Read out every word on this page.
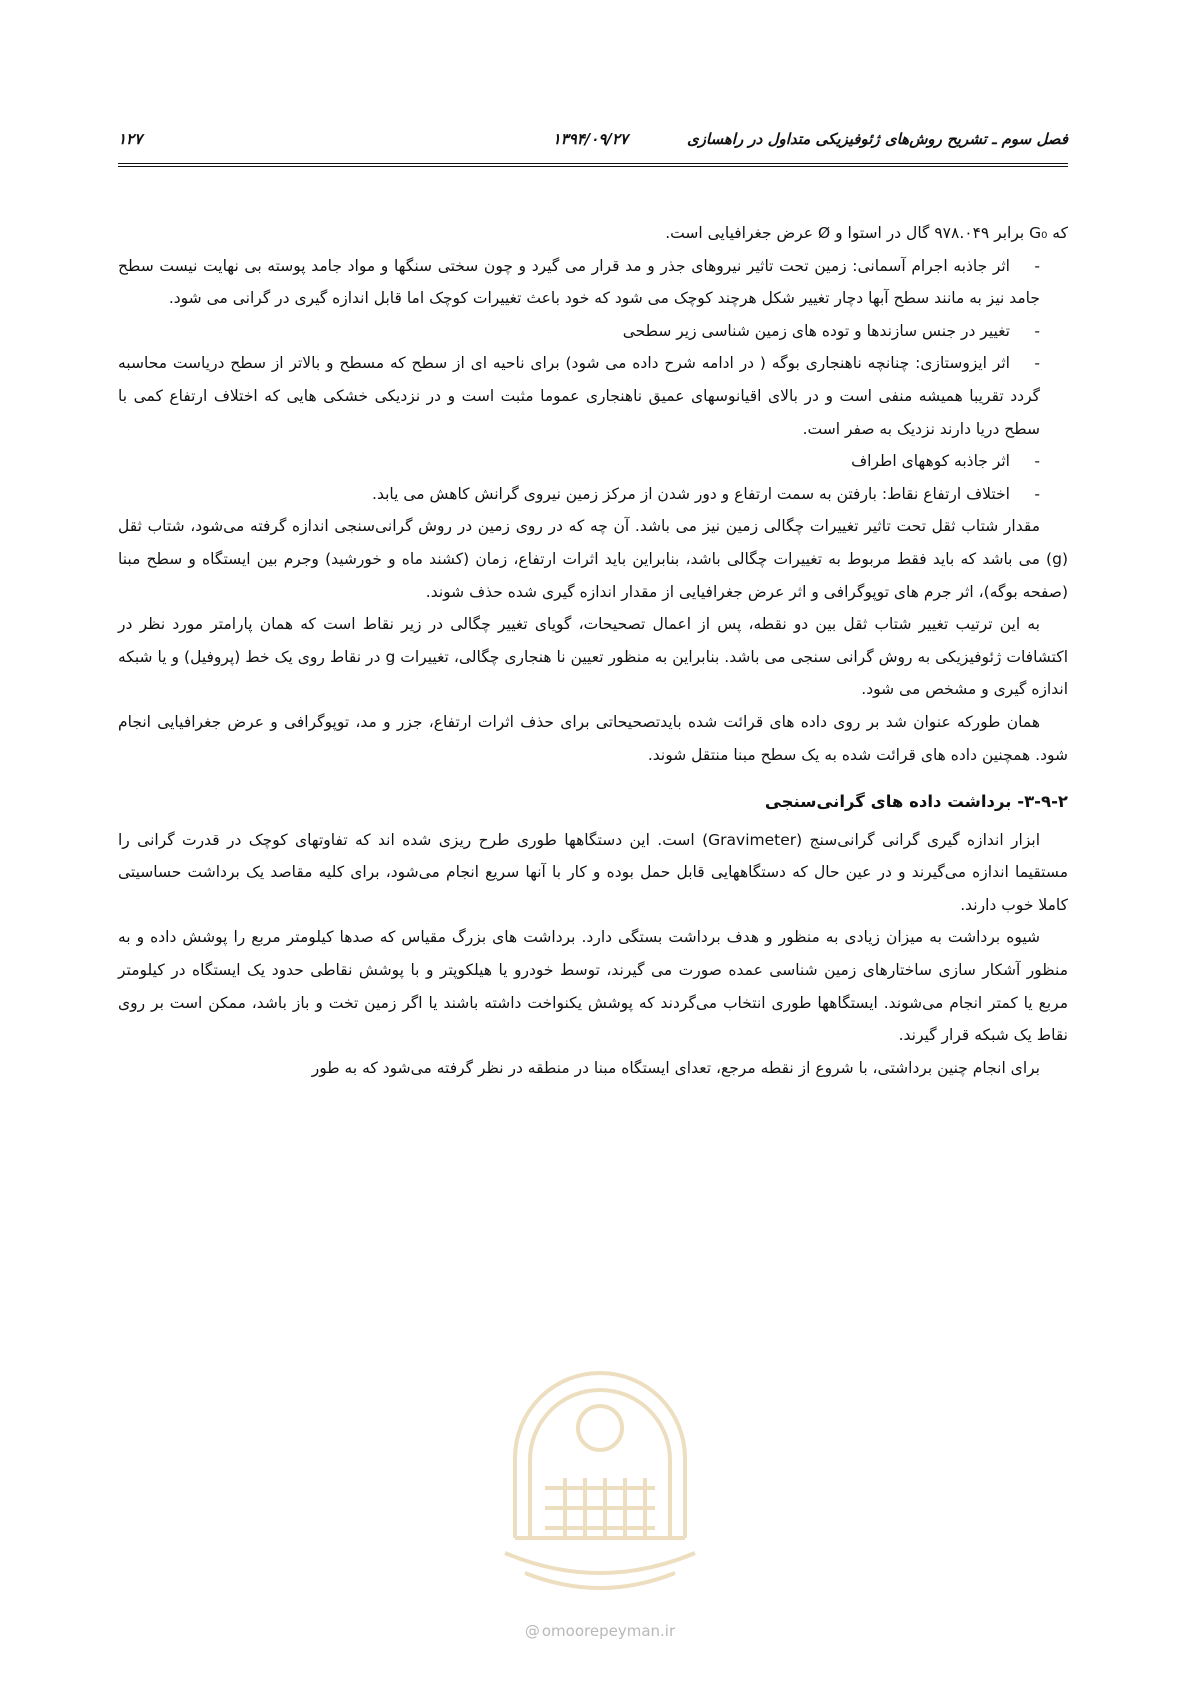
فصل سوم ـ تشریح روش‌های ژئوفیزیکی متداول در راهسازی
۱۳۹۴/۰۹/۲۷
۱۲۷

که G₀ برابر ۹۷۸.۰۴۹ گال در استوا و Ø عرض جغرافیایی است.

-اثر جاذبه اجرام آسمانی: زمین تحت تاثیر نیروهای جذر و مد قرار می گیرد و چون سختی سنگها و مواد جامد پوسته بی نهایت نیست سطح جامد نیز به مانند سطح آبها دچار تغییر شکل هرچند کوچک می شود که خود باعث تغییرات کوچک اما قابل اندازه گیری در گرانی می شود.

-تغییر در جنس سازندها و توده های زمین شناسی زیر سطحی

-اثر ایزوستازی: چنانچه ناهنجاری بوگه ( در ادامه شرح داده می شود) برای ناحیه ای از سطح که مسطح و بالاتر از سطح دریاست محاسبه گردد تقریبا همیشه منفی است و در بالای اقیانوسهای عمیق ناهنجاری عموما مثبت است و در نزدیکی خشکی هایی که اختلاف ارتفاع کمی با سطح دریا دارند نزدیک به صفر است.

-اثر جاذبه کوههای اطراف

-اختلاف ارتفاع نقاط: بارفتن به سمت ارتفاع و دور شدن از مرکز زمین نیروی گرانش کاهش می یابد.

مقدار شتاب ثقل تحت تاثیر تغییرات چگالی زمین نیز می باشد. آن چه که در روی زمین در روش گرانی‌سنجی اندازه گرفته می‌شود، شتاب ثقل (g) می باشد که باید فقط مربوط به تغییرات چگالی باشد، بنابراین باید اثرات ارتفاع، زمان (کشند ماه و خورشید) وجرم بین ایستگاه و سطح مبنا (صفحه بوگه)، اثر جرم های توپوگرافی و اثر عرض جغرافیایی از مقدار اندازه گیری شده حذف شوند.

به این ترتیب تغییر شتاب ثقل بین دو نقطه، پس از اعمال تصحیحات، گویای تغییر چگالی در زیر نقاط است که همان پارامتر مورد نظر در اکتشافات ژئوفیزیکی به روش گرانی سنجی می باشد. بنابراین به منظور تعیین نا هنجاری چگالی، تغییرات g در نقاط روی یک خط (پروفیل) و یا شبکه اندازه گیری و مشخص می شود.

همان طورکه عنوان شد بر روی داده های قرائت شده بایدتصحیحاتی برای حذف اثرات ارتفاع، جزر و مد، توپوگرافی و عرض جغرافیایی انجام شود. همچنین داده های قرائت شده به یک سطح مبنا منتقل شوند.

۳-۹-۲- برداشت داده های گرانی‌سنجی

ابزار اندازه گیری گرانی گرانی‌سنج (Gravimeter) است. این دستگاهها طوری طرح ریزی شده اند که تفاوتهای کوچک در قدرت گرانی را مستقیما اندازه می‌گیرند و در عین حال که دستگاههایی قابل حمل بوده و کار با آنها سریع انجام می‌شود، برای کلیه مقاصد یک برداشت حساسیتی کاملا خوب دارند.

شیوه برداشت به میزان زیادی به منظور و هدف برداشت بستگی دارد. برداشت های بزرگ مقیاس که صدها کیلومتر مربع را پوشش داده و به منظور آشکار سازی ساختارهای زمین شناسی عمده صورت می گیرند، توسط خودرو یا هیلکوپتر و با پوشش نقاطی حدود یک ایستگاه در کیلومتر مربع یا کمتر انجام می‌شوند. ایستگاهها طوری انتخاب می‌گردند که پوشش یکنواخت داشته باشند یا اگر زمین تخت و باز باشد، ممکن است بر روی نقاط یک شبکه قرار گیرند.

برای انجام چنین برداشتی، با شروع از نقطه مرجع، تعدای ایستگاه مبنا در منطقه در نظر گرفته می‌شود که به طور

@ omoorepeyman.ir
